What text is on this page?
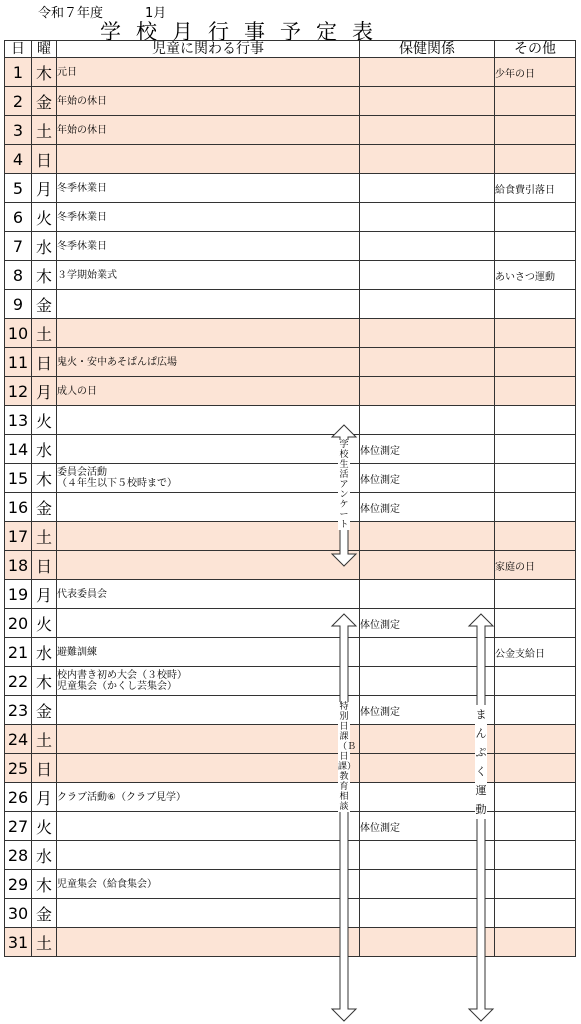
令和７年度	1月
学校月行事予定表
日	曜	児童に関わる行事	保健関係	その他
1	木	元日		少年の日
2	金	年始の休日		
3	土	年始の休日		
4	日			
5	月	冬季休業日		給食費引落日
6	火	冬季休業日		
7	水	冬季休業日		
8	木	３学期始業式		あいさつ運動
9	金			
10	土			
11	日	鬼火・安中あそぱんぱ広場		
12	月	成人の日		
13	火			
14	水		体位測定	
15	木	委員会活動
（４年生以下５校時まで）	体位測定	
16	金		体位測定	
17	土			
18	日			家庭の日
19	月	代表委員会		
20	火		体位測定	
21	水	避難訓練		公金支給日
22	木	校内書き初め大会（３校時）
児童集会（かくし芸集会）		
23	金		体位測定	
24	土			
25	日			
26	月	クラブ活動⑥（クラブ見学）		
27	火		体位測定	
28	水			
29	木	児童集会（給食集会）		
30	金			
31	土			
学校生活アンケート
特別日課（Ｂ日課）教育相談
まんぷく運動
